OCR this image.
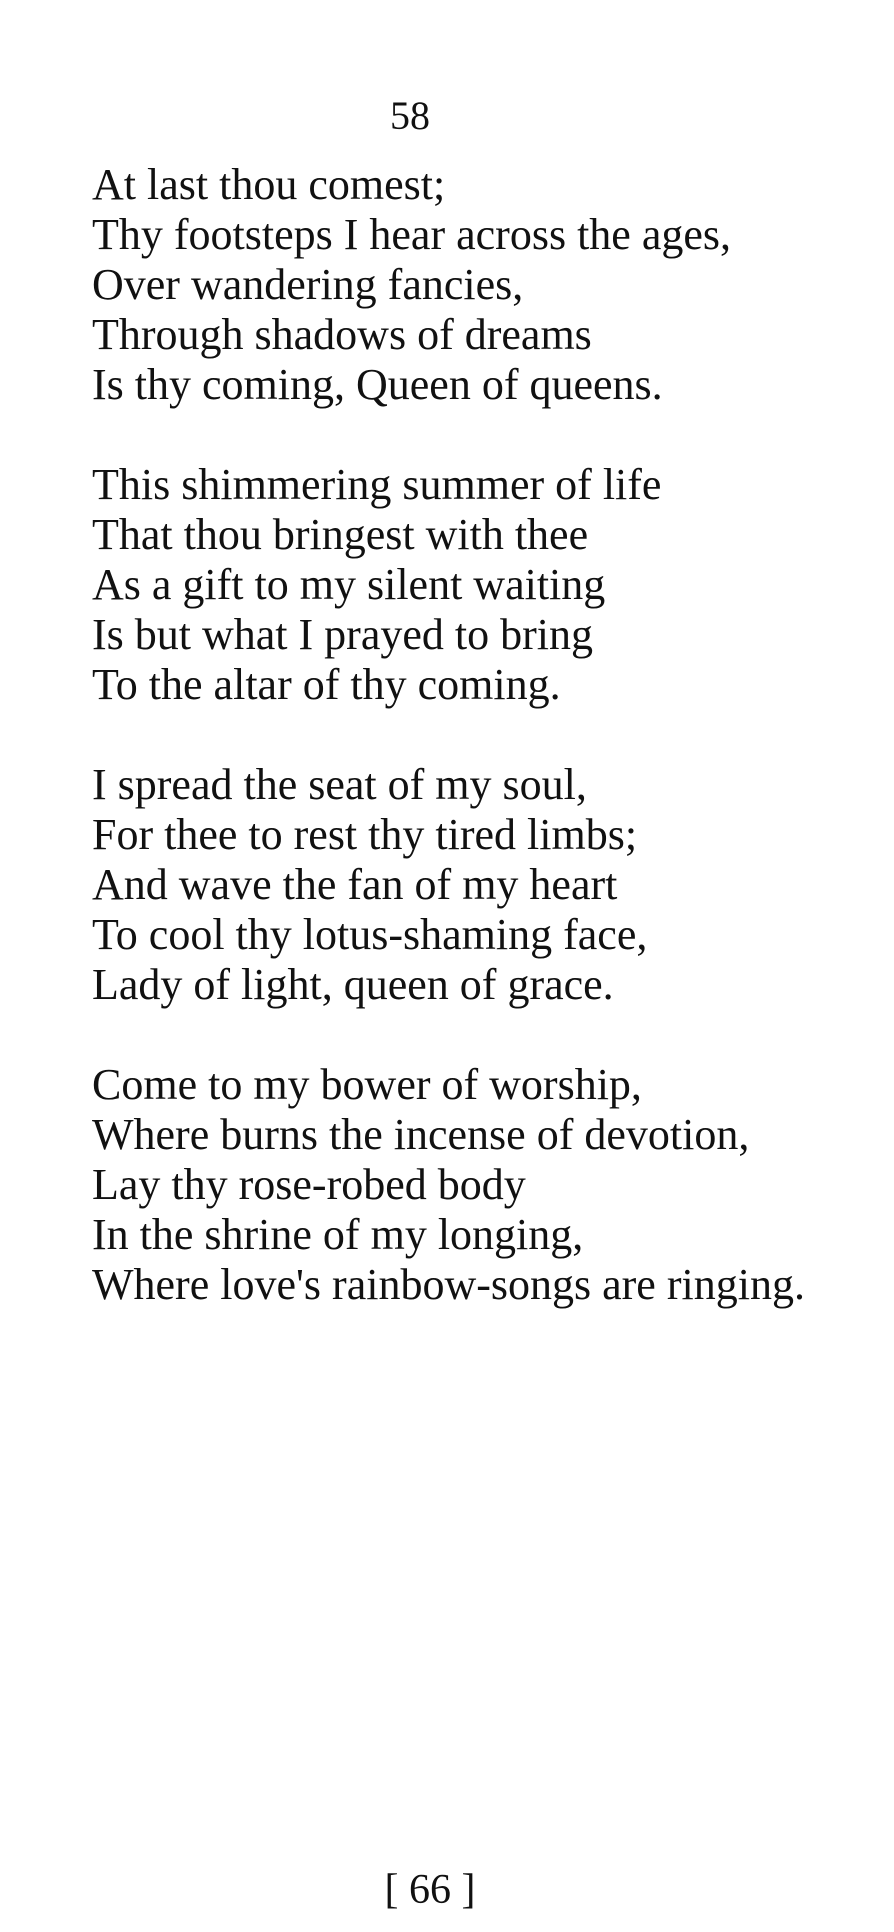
58
At last thou comest;
Thy footsteps I hear across the ages,
Over wandering fancies,
Through shadows of dreams
Is thy coming, Queen of queens.
This shimmering summer of life
That thou bringest with thee
As a gift to my silent waiting
Is but what I prayed to bring
To the altar of thy coming.
I spread the seat of my soul,
For thee to rest thy tired limbs;
And wave the fan of my heart
To cool thy lotus-shaming face,
Lady of light, queen of grace.
Come to my bower of worship,
Where burns the incense of devotion,
Lay thy rose-robed body
In the shrine of my longing,
Where love's rainbow-songs are ringing.
[ 66 ]
